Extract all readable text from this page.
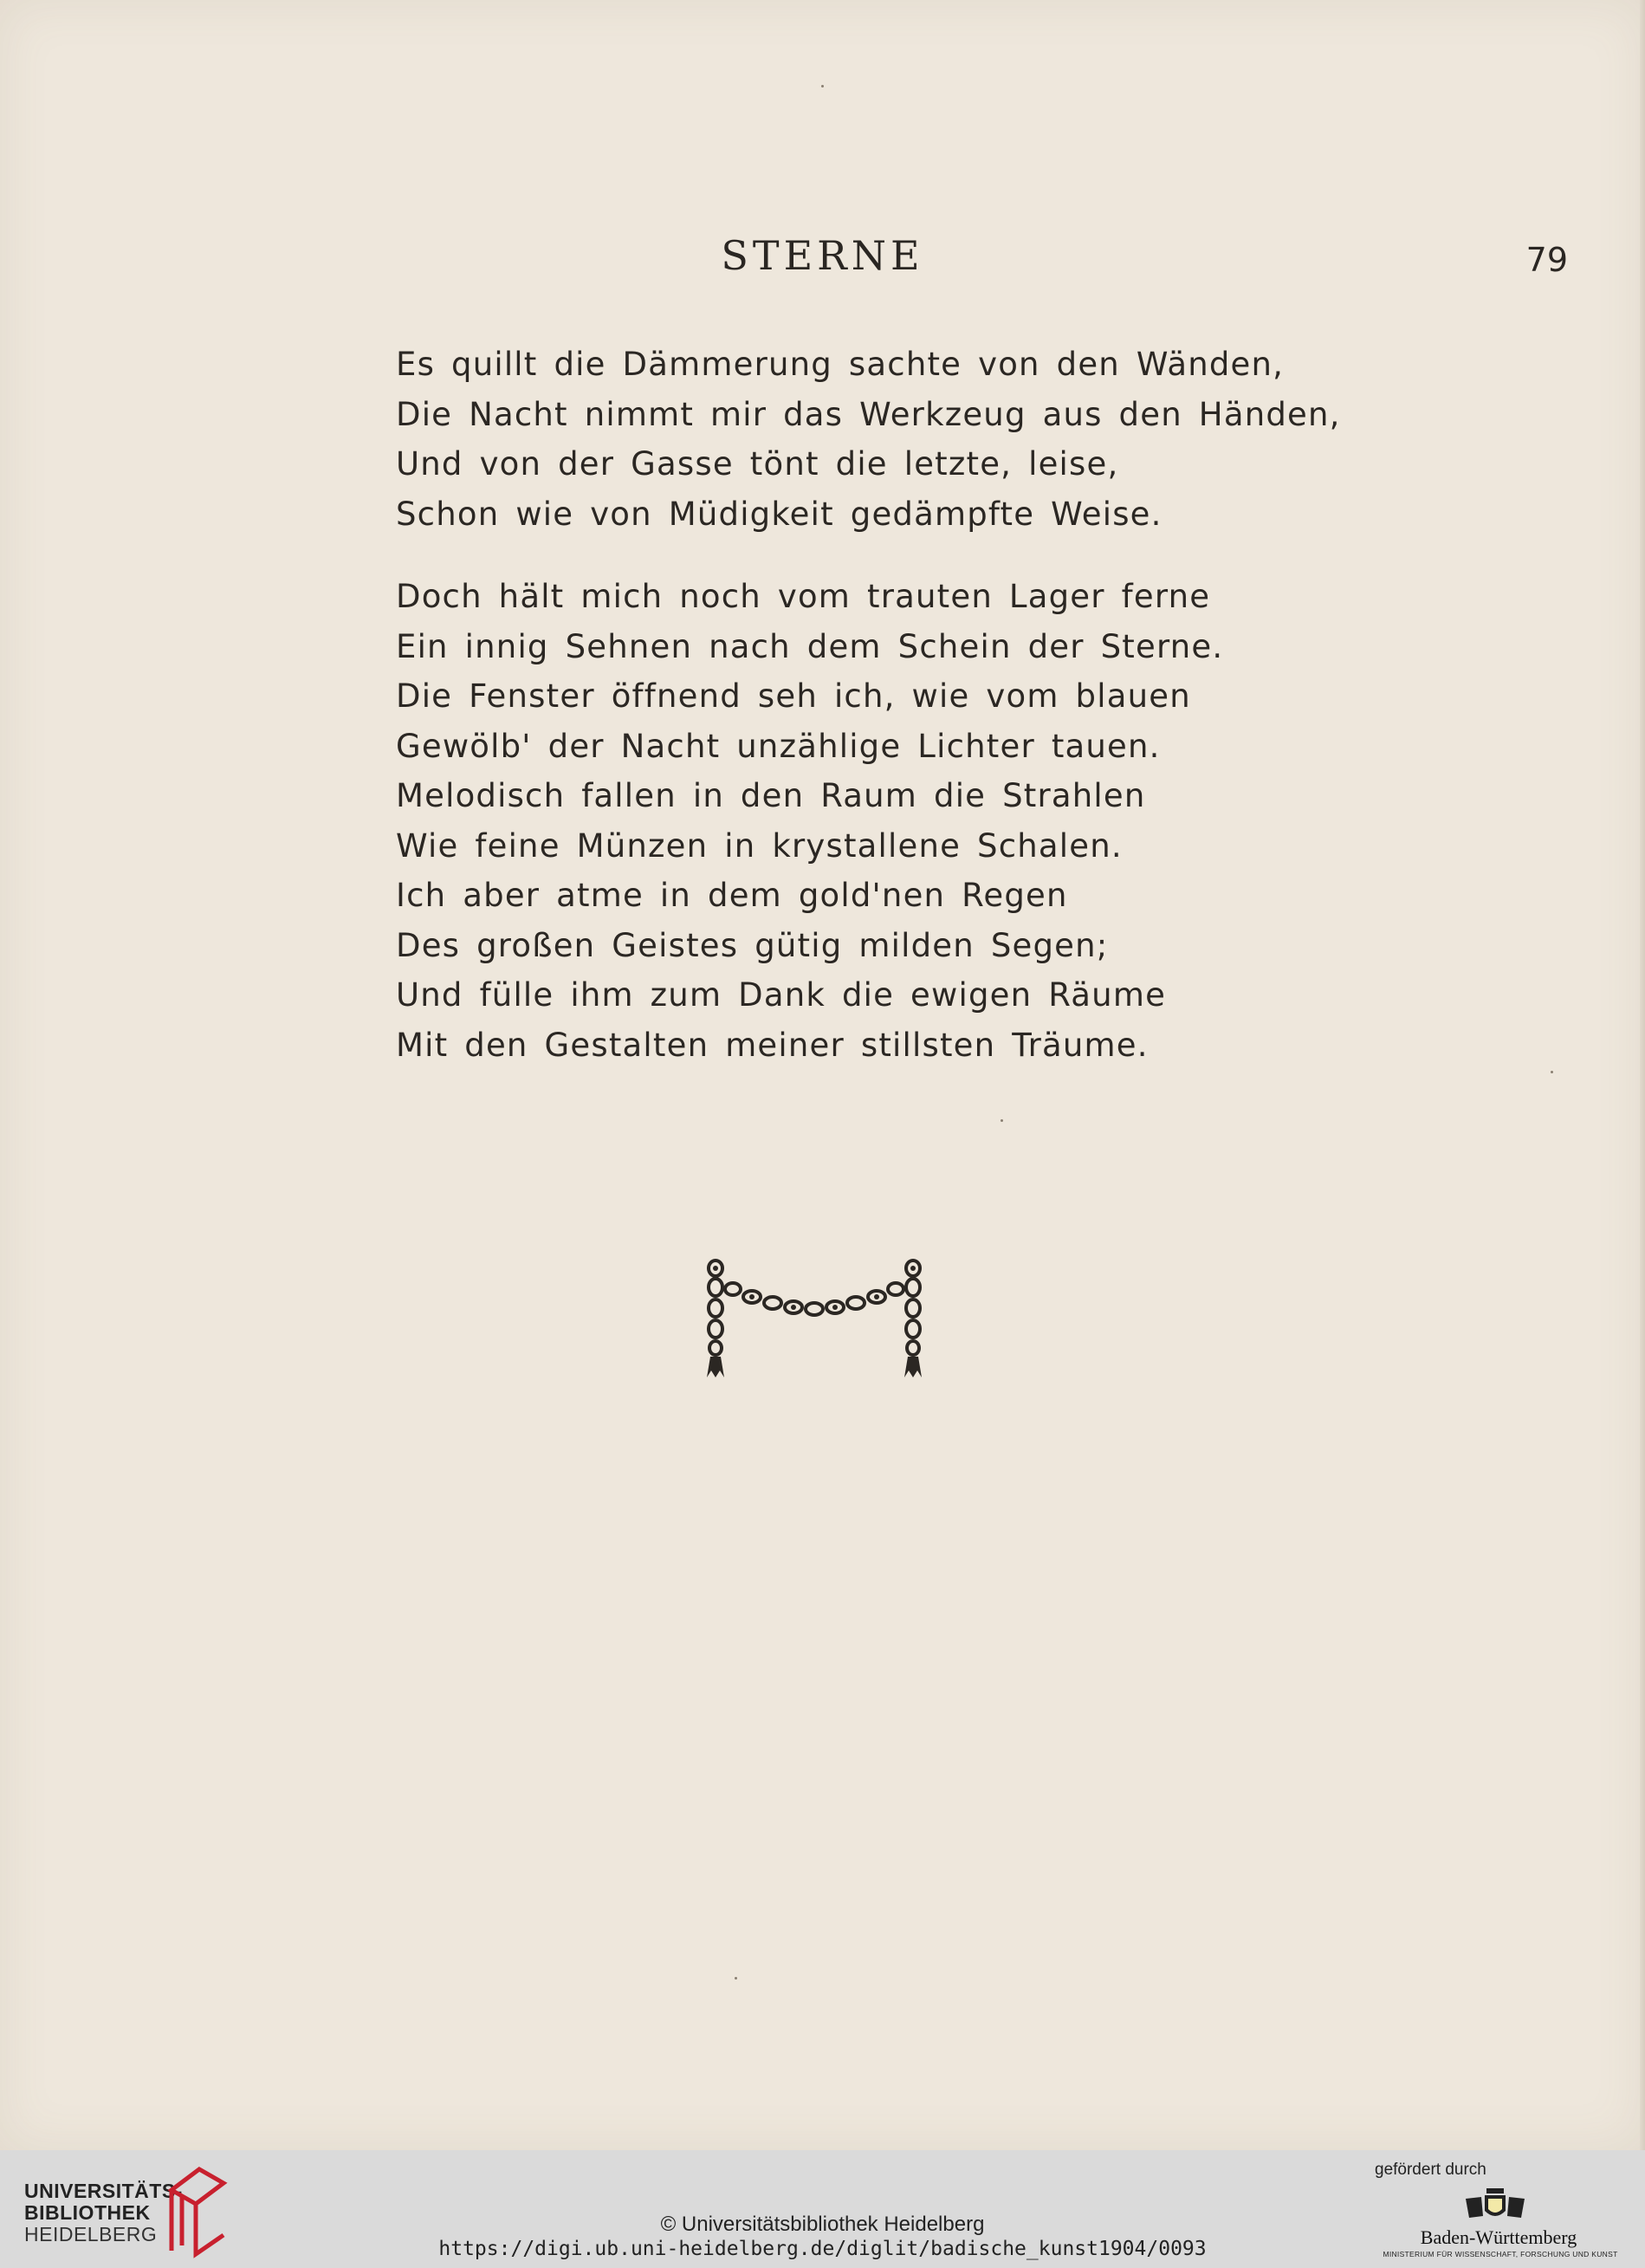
STERNE	79
Es quillt die Dämmerung sachte von den Wänden,
Die Nacht nimmt mir das Werkzeug aus den Händen,
Und von der Gasse tönt die letzte, leise,
Schon wie von Müdigkeit gedämpfte Weise.
Doch hält mich noch vom trauten Lager ferne
Ein innig Sehnen nach dem Schein der Sterne.
Die Fenster öffnend seh ich, wie vom blauen
Gewölb' der Nacht unzählige Lichter tauen.
Melodisch fallen in den Raum die Strahlen
Wie feine Münzen in krystallene Schalen.
Ich aber atme in dem gold'nen Regen
Des großen Geistes gütig milden Segen;
Und fülle ihm zum Dank die ewigen Räume
Mit den Gestalten meiner stillsten Träume.
UNIVERSITÄTS-
BIBLIOTHEK
HEIDELBERG	© Universitätsbibliothek Heidelberg
https://digi.ub.uni-heidelberg.de/diglit/badische_kunst1904/0093
gefördert durch
Baden-Württemberg
MINISTERIUM FÜR WISSENSCHAFT, FORSCHUNG UND KUNST
